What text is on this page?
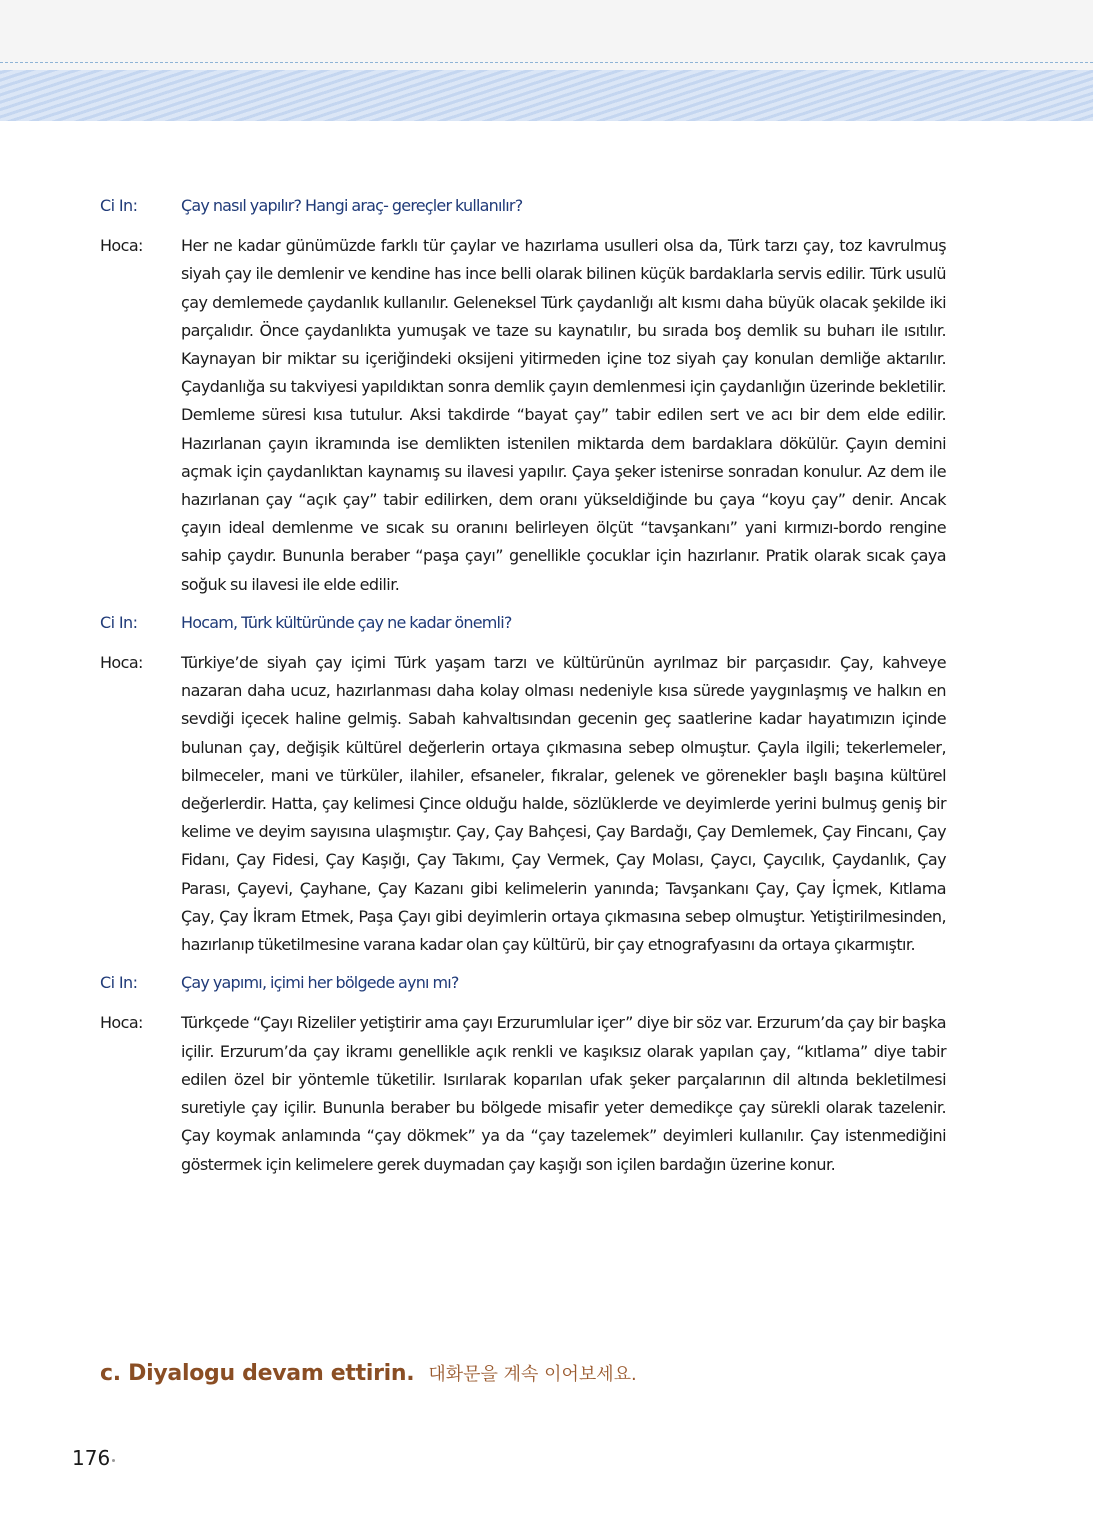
Ci In:	Çay nasıl yapılır? Hangi araç- gereçler kullanılır?
Hoca:	Her ne kadar günümüzde farklı tür çaylar ve hazırlama usulleri olsa da, Türk tarzı çay, toz kavrulmuş siyah çay ile demlenir ve kendine has ince belli olarak bilinen küçük bardaklarla servis edilir. Türk usulü çay demlemede çaydanlık kullanılır. Geleneksel Türk çaydanlığı alt kısmı daha büyük olacak şekilde iki parçalıdır. Önce çaydanlıkta yumuşak ve taze su kaynatılır, bu sırada boş demlik su buharı ile ısıtılır. Kaynayan bir miktar su içeriğindeki oksijeni yitirmeden içine toz siyah çay konulan demliğe aktarılır. Çaydanlığa su takviyesi yapıldıktan sonra demlik çayın demlenmesi için çaydanlığın üzerinde bekletilir. Demleme süresi kısa tutulur. Aksi takdirde “bayat çay” tabir edilen sert ve acı bir dem elde edilir. Hazırlanan çayın ikramında ise demlikten istenilen miktarda dem bardaklara dökülür. Çayın demini açmak için çaydanlıktan kaynamış su ilavesi yapılır. Çaya şeker istenirse sonradan konulur. Az dem ile hazırlanan çay “açık çay” tabir edilirken, dem oranı yükseldiğinde bu çaya “koyu çay” denir. Ancak çayın ideal demlenme ve sıcak su oranını belirleyen ölçüt “tavşankanı” yani kırmızı-bordo rengine sahip çaydır. Bununla beraber “paşa çayı” genellikle çocuklar için hazırlanır. Pratik olarak sıcak çaya soğuk su ilavesi ile elde edilir.
Ci In:	Hocam, Türk kültüründe çay ne kadar önemli?
Hoca:	Türkiye’de siyah çay içimi Türk yaşam tarzı ve kültürünün ayrılmaz bir parçasıdır. Çay, kahveye nazaran daha ucuz, hazırlanması daha kolay olması nedeniyle kısa sürede yaygınlaşmış ve halkın en sevdiği içecek haline gelmiş. Sabah kahvaltısından gecenin geç saatlerine kadar hayatımızın içinde bulunan çay, değişik kültürel değerlerin ortaya çıkmasına sebep olmuştur. Çayla ilgili; tekerlemeler, bilmeceler, mani ve türküler, ilahiler, efsaneler, fıkralar, gelenek ve görenekler başlı başına kültürel değerlerdir. Hatta, çay kelimesi Çince olduğu halde, sözlüklerde ve deyimlerde yerini bulmuş geniş bir kelime ve deyim sayısına ulaşmıştır. Çay, Çay Bahçesi, Çay Bardağı, Çay Demlemek, Çay Fincanı, Çay Fidanı, Çay Fidesi, Çay Kaşığı, Çay Takımı, Çay Vermek, Çay Molası, Çaycı, Çaycılık, Çaydanlık, Çay Parası, Çayevi, Çayhane, Çay Kazanı gibi kelimelerin yanında; Tavşankanı Çay, Çay İçmek, Kıtlama Çay, Çay İkram Etmek, Paşa Çayı gibi deyimlerin ortaya çıkmasına sebep olmuştur. Yetiştirilmesinden, hazırlanıp tüketilmesine varana kadar olan çay kültürü, bir çay etnografyasını da ortaya çıkarmıştır.
Ci In:	Çay yapımı, içimi her bölgede aynı mı?
Hoca:	Türkçede “Çayı Rizeliler yetiştirir ama çayı Erzurumlular içer” diye bir söz var. Erzurum’da çay bir başka içilir. Erzurum’da çay ikramı genellikle açık renkli ve kaşıksız olarak yapılan çay, “kıtlama” diye tabir edilen özel bir yöntemle tüketilir. Isırılarak koparılan ufak şeker parçalarının dil altında bekletilmesi suretiyle çay içilir. Bununla beraber bu bölgede misafir yeter demedikçe çay sürekli olarak tazelenir. Çay koymak anlamında “çay dökmek” ya da “çay tazelemek” deyimleri kullanılır. Çay istenmediğini göstermek için kelimelere gerek duymadan çay kaşığı son içilen bardağın üzerine konur.
c. Diyalogu devam ettirin. 대화문을 계속 이어보세요.
176
